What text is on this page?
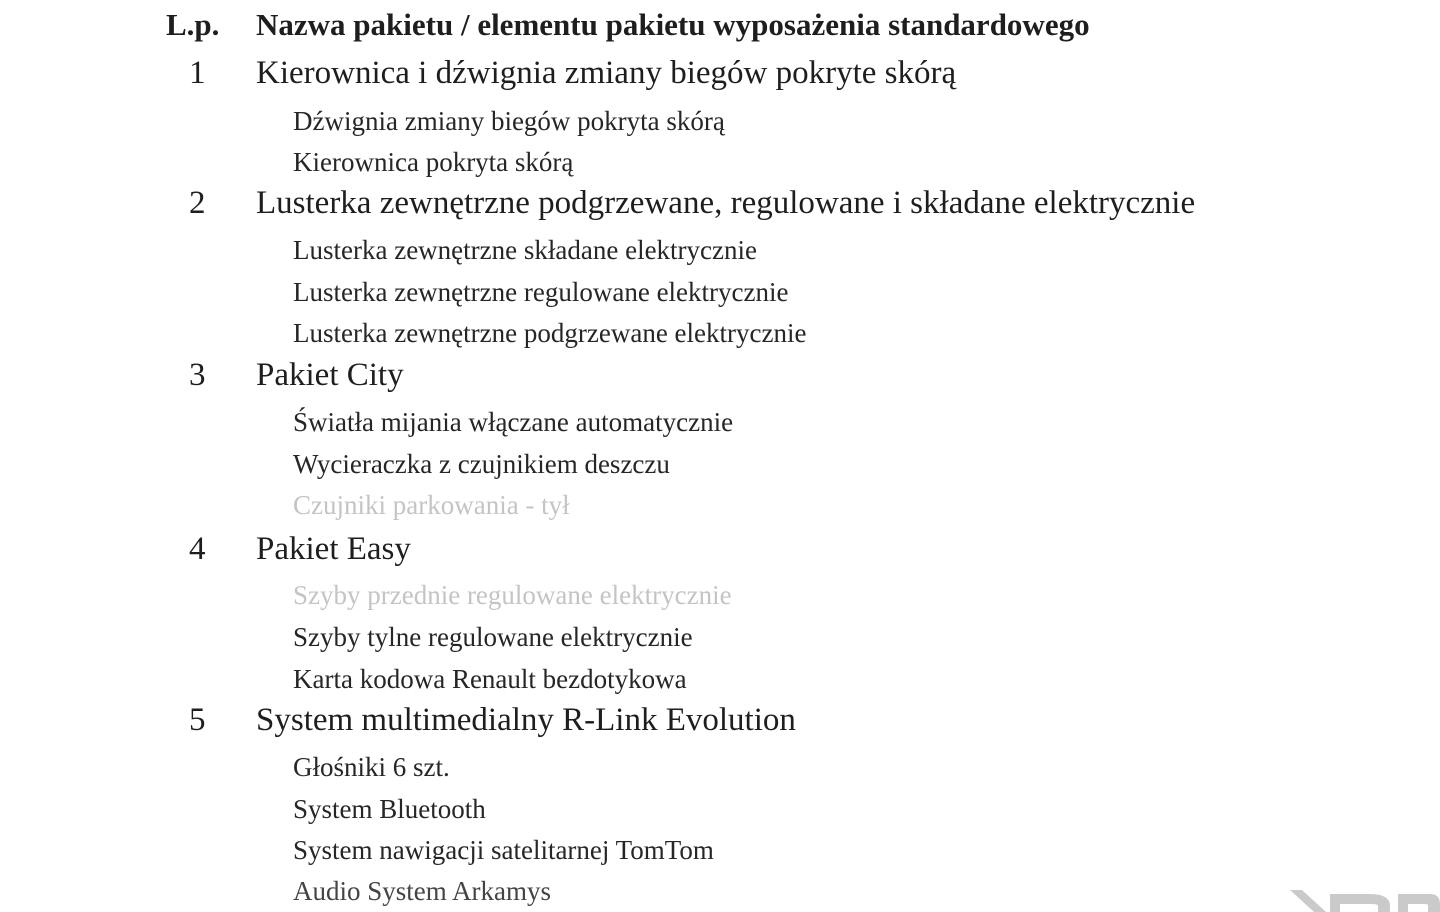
L.p. Nazwa pakietu / elementu pakietu wyposażenia standardowego
1 Kierownica i dźwignia zmiany biegów pokryte skórą
Dźwignia zmiany biegów pokryta skórą
Kierownica pokryta skórą
2 Lusterka zewnętrzne podgrzewane, regulowane i składane elektrycznie
Lusterka zewnętrzne składane elektrycznie
Lusterka zewnętrzne regulowane elektrycznie
Lusterka zewnętrzne podgrzewane elektrycznie
3 Pakiet City
Światła mijania włączane automatycznie
Wycieraczka z czujnikiem deszczu
Czujniki parkowania - tył
4 Pakiet Easy
Szyby przednie regulowane elektrycznie
Szyby tylne regulowane elektrycznie
Karta kodowa Renault bezdotykowa
5 System multimedialny R-Link Evolution
Głośniki 6 szt.
System Bluetooth
System nawigacji satelitarnej TomTom
Audio System Arkamys
